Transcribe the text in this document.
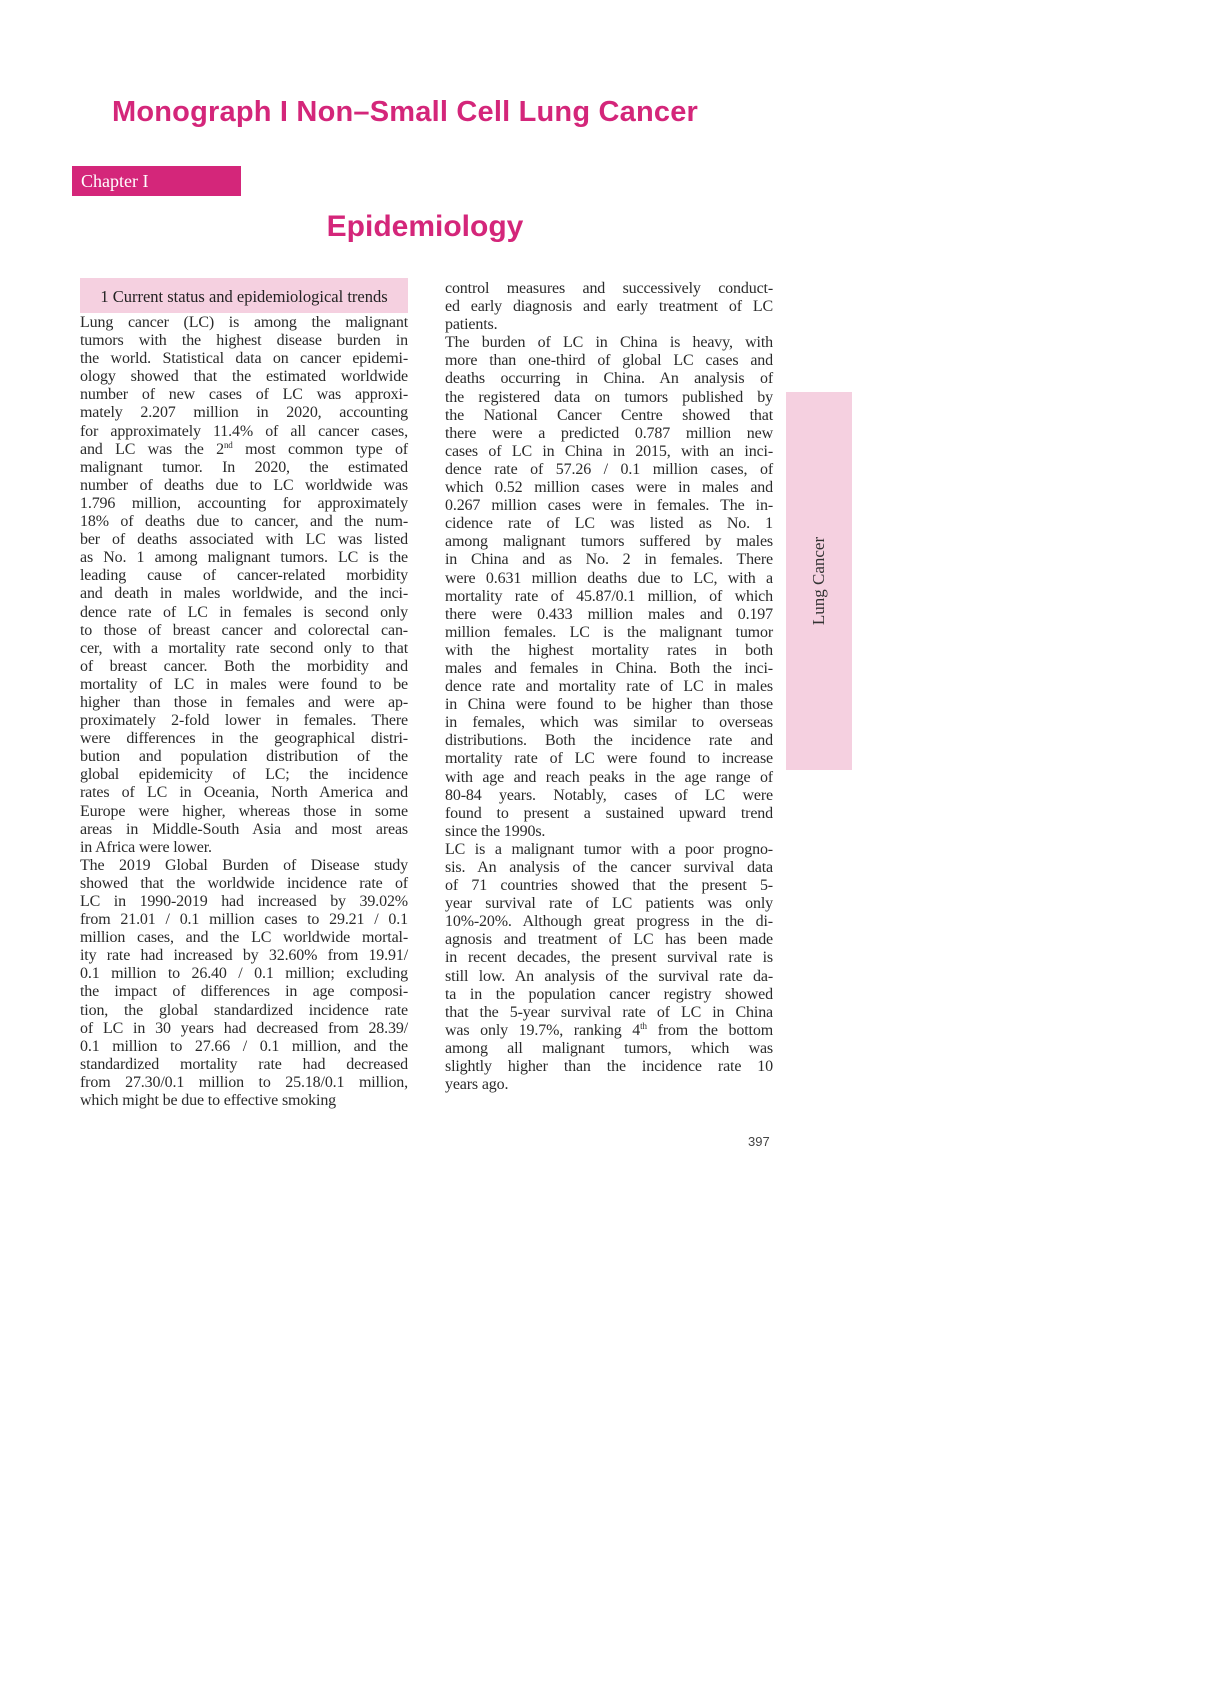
Monograph I Non–Small Cell Lung Cancer
Chapter I
Epidemiology
1 Current status and epidemiological trends
Lung cancer (LC) is among the malignant
tumors with the highest disease burden in
the world. Statistical data on cancer epidemi-
ology showed that the estimated worldwide
number of new cases of LC was approxi-
mately 2.207 million in 2020, accounting
for approximately 11.4% of all cancer cases,
and LC was the 2nd most common type of
malignant tumor. In 2020, the estimated
number of deaths due to LC worldwide was
1.796 million, accounting for approximately
18% of deaths due to cancer, and the num-
ber of deaths associated with LC was listed
as No. 1 among malignant tumors. LC is the
leading cause of cancer-related morbidity
and death in males worldwide, and the inci-
dence rate of LC in females is second only
to those of breast cancer and colorectal can-
cer, with a mortality rate second only to that
of breast cancer. Both the morbidity and
mortality of LC in males were found to be
higher than those in females and were ap-
proximately 2-fold lower in females. There
were differences in the geographical distri-
bution and population distribution of the
global epidemicity of LC; the incidence
rates of LC in Oceania, North America and
Europe were higher, whereas those in some
areas in Middle-South Asia and most areas
in Africa were lower.
The 2019 Global Burden of Disease study
showed that the worldwide incidence rate of
LC in 1990-2019 had increased by 39.02%
from 21.01 / 0.1 million cases to 29.21 / 0.1
million cases, and the LC worldwide mortal-
ity rate had increased by 32.60% from 19.91/
0.1 million to 26.40 / 0.1 million; excluding
the impact of differences in age composi-
tion, the global standardized incidence rate
of LC in 30 years had decreased from 28.39/
0.1 million to 27.66 / 0.1 million, and the
standardized mortality rate had decreased
from 27.30/0.1 million to 25.18/0.1 million,
which might be due to effective smoking
control measures and successively conduct-
ed early diagnosis and early treatment of LC
patients.
The burden of LC in China is heavy, with
more than one-third of global LC cases and
deaths occurring in China. An analysis of
the registered data on tumors published by
the National Cancer Centre showed that
there were a predicted 0.787 million new
cases of LC in China in 2015, with an inci-
dence rate of 57.26 / 0.1 million cases, of
which 0.52 million cases were in males and
0.267 million cases were in females. The in-
cidence rate of LC was listed as No. 1
among malignant tumors suffered by males
in China and as No. 2 in females. There
were 0.631 million deaths due to LC, with a
mortality rate of 45.87/0.1 million, of which
there were 0.433 million males and 0.197
million females. LC is the malignant tumor
with the highest mortality rates in both
males and females in China. Both the inci-
dence rate and mortality rate of LC in males
in China were found to be higher than those
in females, which was similar to overseas
distributions. Both the incidence rate and
mortality rate of LC were found to increase
with age and reach peaks in the age range of
80-84 years. Notably, cases of LC were
found to present a sustained upward trend
since the 1990s.
LC is a malignant tumor with a poor progno-
sis. An analysis of the cancer survival data
of 71 countries showed that the present 5-
year survival rate of LC patients was only
10%-20%. Although great progress in the di-
agnosis and treatment of LC has been made
in recent decades, the present survival rate is
still low. An analysis of the survival rate da-
ta in the population cancer registry showed
that the 5-year survival rate of LC in China
was only 19.7%, ranking 4th from the bottom
among all malignant tumors, which was
slightly higher than the incidence rate 10
years ago.
Lung Cancer
397
